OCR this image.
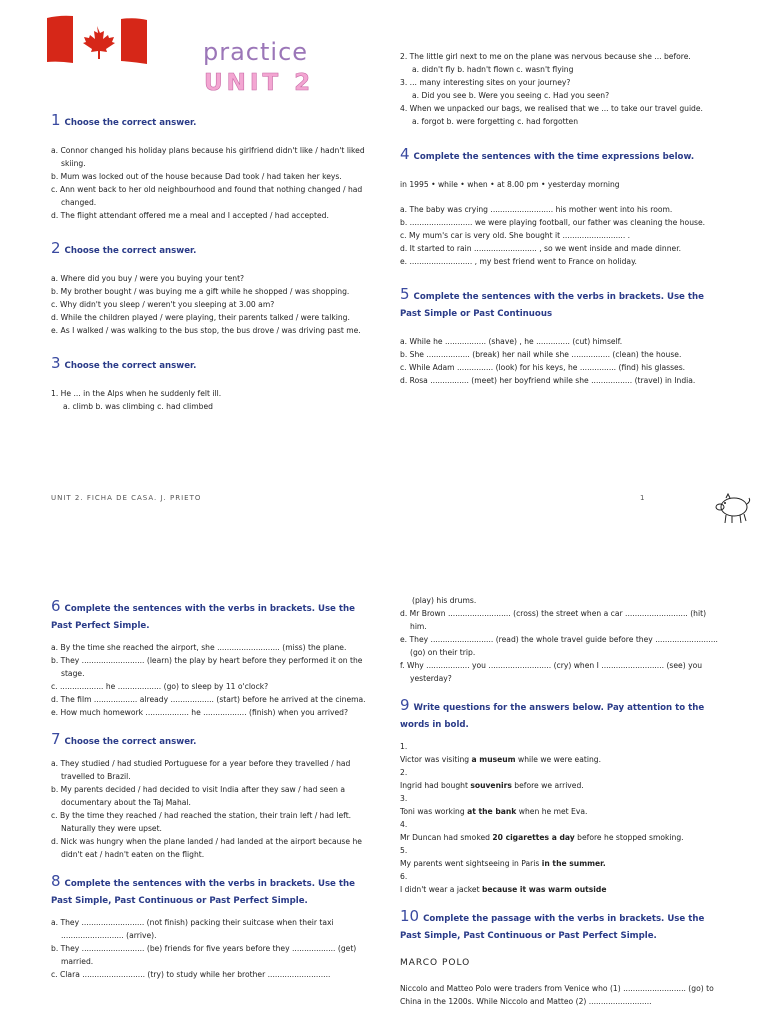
practice
UNIT 2

1 Choose the correct answer.

a. Connor changed his holiday plans because his girlfriend didn't like / hadn't liked skiing.

b. Mum was locked out of the house because Dad took / had taken her keys.

c. Ann went back to her old neighbourhood and found that nothing changed / had changed.

d. The flight attendant offered me a meal and I accepted / had accepted.

2 Choose the correct answer.

a. Where did you buy / were you buying your tent?

b. My brother bought / was buying me a gift while he shopped / was shopping.

c. Why didn't you sleep / weren't you sleeping at 3.00 am?

d. While the children played / were playing, their parents talked / were talking.

e. As I walked / was walking to the bus stop, the bus drove / was driving past me.

3 Choose the correct answer.

1. He ... in the Alps when he suddenly felt ill.

a. climb b. was climbing c. had climbed

2. The little girl next to me on the plane was nervous because she ... before.

a. didn't fly b. hadn't flown c. wasn't flying

3. ... many interesting sites on your journey?

a. Did you see b. Were you seeing c. Had you seen?

4. When we unpacked our bags, we realised that we ... to take our travel guide.

a. forgot b. were forgetting c. had forgotten

4 Complete the sentences with the time expressions below.

in 1995 • while • when • at 8.00 pm • yesterday morning

a. The baby was crying .......................... his mother went into his room.

b. .......................... we were playing football, our father was cleaning the house.

c. My mum's car is very old. She bought it .......................... .

d. It started to rain .......................... , so we went inside and made dinner.

e. .......................... , my best friend went to France on holiday.

5 Complete the sentences with the verbs in brackets. Use the Past Simple or Past Continuous

a. While he ................. (shave) , he .............. (cut) himself.

b. She .................. (break) her nail while she ................ (clean) the house.

c. While Adam ............... (look) for his keys, he ............... (find) his glasses.

d. Rosa ................ (meet) her boyfriend while she ................. (travel) in India.

UNIT 2. FICHA DE CASA. J. PRIETO	1

6 Complete the sentences with the verbs in brackets. Use the Past Perfect Simple.

a. By the time she reached the airport, she .......................... (miss) the plane.

b. They .......................... (learn) the play by heart before they performed it on the stage.

c. .................. he .................. (go) to sleep by 11 o'clock?

d. The film .................. already .................. (start) before he arrived at the cinema.

e. How much homework .................. he .................. (finish) when you arrived?

7 Choose the correct answer.

a. They studied / had studied Portuguese for a year before they travelled / had travelled to Brazil.

b. My parents decided / had decided to visit India after they saw / had seen a documentary about the Taj Mahal.

c. By the time they reached / had reached the station, their train left / had left. Naturally they were upset.

d. Nick was hungry when the plane landed / had landed at the airport because he didn't eat / hadn't eaten on the flight.

8 Complete the sentences with the verbs in brackets. Use the Past Simple, Past Continuous or Past Perfect Simple.

a. They .......................... (not finish) packing their suitcase when their taxi .......................... (arrive).

b. They .......................... (be) friends for five years before they .................. (get) married.

c. Clara .......................... (try) to study while her brother ..........................

(play) his drums.

d. Mr Brown .......................... (cross) the street when a car .......................... (hit) him.

e. They .......................... (read) the whole travel guide before they .......................... (go) on their trip.

f. Why .................. you .......................... (cry) when I .......................... (see) you yesterday?

9 Write questions for the answers below. Pay attention to the words in bold.

1.

Victor was visiting a museum while we were eating.

2.

Ingrid had bought souvenirs before we arrived.

3.

Toni was working at the bank when he met Eva.

4.

Mr Duncan had smoked 20 cigarettes a day before he stopped smoking.

5.

My parents went sightseeing in Paris in the summer.

6.

I didn't wear a jacket because it was warm outside

10 Complete the passage with the verbs in brackets. Use the Past Simple, Past Continuous or Past Perfect Simple.

MARCO POLO

Niccolo and Matteo Polo were traders from Venice who (1) .......................... (go) to China in the 1200s. While Niccolo and Matteo (2) ..........................
